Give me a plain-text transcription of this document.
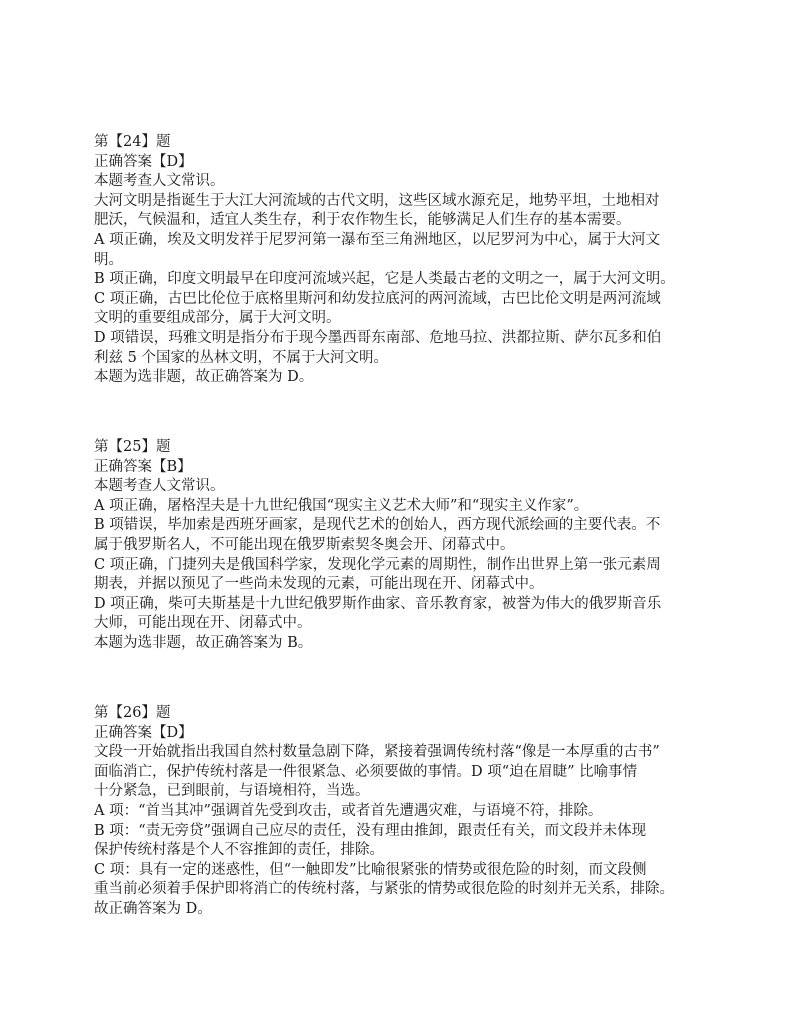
第【24】题
正确答案【D】
本题考查人文常识。
大河文明是指诞生于大江大河流域的古代文明，这些区域水源充足，地势平坦，土地相对
肥沃，气候温和，适宜人类生存，利于农作物生长，能够满足人们生存的基本需要。
A 项正确，埃及文明发祥于尼罗河第一瀑布至三角洲地区，以尼罗河为中心，属于大河文
明。
B 项正确，印度文明最早在印度河流域兴起，它是人类最古老的文明之一，属于大河文明。
C 项正确，古巴比伦位于底格里斯河和幼发拉底河的两河流域，古巴比伦文明是两河流域
文明的重要组成部分，属于大河文明。
D 项错误，玛雅文明是指分布于现今墨西哥东南部、危地马拉、洪都拉斯、萨尔瓦多和伯
利兹 5 个国家的丛林文明，不属于大河文明。
本题为选非题，故正确答案为 D。
第【25】题
正确答案【B】
本题考查人文常识。
A 项正确，屠格涅夫是十九世纪俄国“现实主义艺术大师”和“现实主义作家”。
B 项错误，毕加索是西班牙画家，是现代艺术的创始人，西方现代派绘画的主要代表。不
属于俄罗斯名人，不可能出现在俄罗斯索契冬奥会开、闭幕式中。
C 项正确，门捷列夫是俄国科学家，发现化学元素的周期性，制作出世界上第一张元素周
期表，并据以预见了一些尚未发现的元素，可能出现在开、闭幕式中。
D 项正确，柴可夫斯基是十九世纪俄罗斯作曲家、音乐教育家，被誉为伟大的俄罗斯音乐
大师，可能出现在开、闭幕式中。
本题为选非题，故正确答案为 B。
第【26】题
正确答案【D】
文段一开始就指出我国自然村数量急剧下降，紧接着强调传统村落“像是一本厚重的古书”
面临消亡，保护传统村落是一件很紧急、必须要做的事情。D 项“迫在眉睫” 比喻事情
十分紧急，已到眼前，与语境相符，当选。
A 项：“首当其冲”强调首先受到攻击，或者首先遭遇灾难，与语境不符，排除。
B 项：“责无旁贷”强调自己应尽的责任，没有理由推卸，跟责任有关，而文段并未体现
保护传统村落是个人不容推卸的责任，排除。
C 项：具有一定的迷惑性，但“一触即发”比喻很紧张的情势或很危险的时刻，而文段侧
重当前必须着手保护即将消亡的传统村落，与紧张的情势或很危险的时刻并无关系，排除。
故正确答案为 D。
